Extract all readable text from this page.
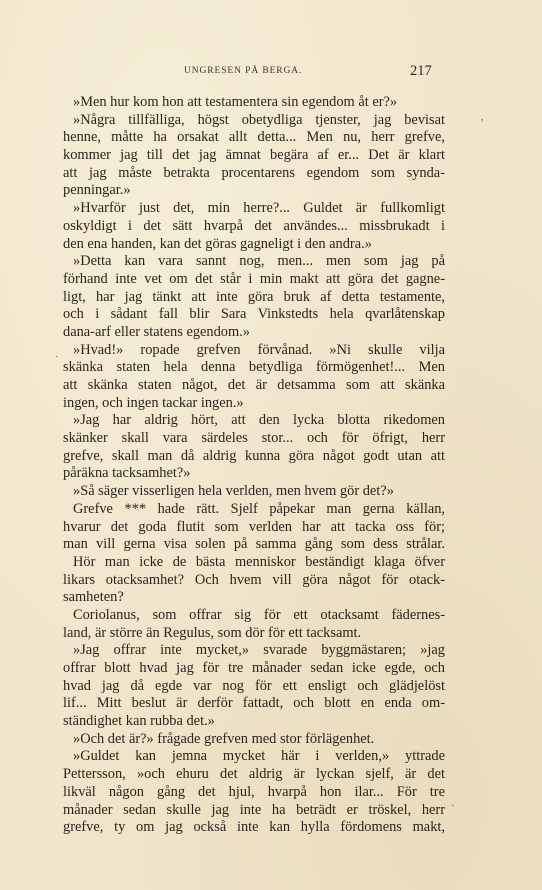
UNGRESEN PÅ BERGA.	217
,
·
·
»Men hur kom hon att testamentera sin egendom åt er?»
»Några tillfälliga, högst obetydliga tjenster, jag bevisat
henne, måtte ha orsakat allt detta... Men nu, herr grefve,
kommer jag till det jag ämnat begära af er... Det är klart
att jag måste betrakta procentarens egendom som synda-
penningar.»
»Hvarför just det, min herre?... Guldet är fullkomligt
oskyldigt i det sätt hvarpå det användes... missbrukadt i
den ena handen, kan det göras gagneligt i den andra.»
»Detta kan vara sannt nog, men... men som jag på
förhand inte vet om det står i min makt att göra det gagne-
ligt, har jag tänkt att inte göra bruk af detta testamente,
och i sådant fall blir Sara Vinkstedts hela qvarlåtenskap
dana-arf eller statens egendom.»
»Hvad!» ropade grefven förvånad. »Ni skulle vilja
skänka staten hela denna betydliga förmögenhet!... Men
att skänka staten något, det är detsamma som att skänka
ingen, och ingen tackar ingen.»
»Jag har aldrig hört, att den lycka blotta rikedomen
skänker skall vara särdeles stor... och för öfrigt, herr
grefve, skall man då aldrig kunna göra något godt utan att
påräkna tacksamhet?»
»Så säger visserligen hela verlden, men hvem gör det?»
Grefve *** hade rätt. Sjelf påpekar man gerna källan,
hvarur det goda flutit som verlden har att tacka oss för;
man vill gerna visa solen på samma gång som dess strålar.
Hör man icke de bästa menniskor beständigt klaga öfver
likars otacksamhet? Och hvem vill göra något för otack-
samheten?
Coriolanus, som offrar sig för ett otacksamt fädernes-
land, är större än Regulus, som dör för ett tacksamt.
»Jag offrar inte mycket,» svarade byggmästaren; »jag
offrar blott hvad jag för tre månader sedan icke egde, och
hvad jag då egde var nog för ett ensligt och glädjelöst
lif... Mitt beslut är derför fattadt, och blott en enda om-
ständighet kan rubba det.»
»Och det är?» frågade grefven med stor förlägenhet.
»Guldet kan jemna mycket här i verlden,» yttrade
Pettersson, »och ehuru det aldrig är lyckan sjelf, är det
likväl någon gång det hjul, hvarpå hon ilar... För tre
månader sedan skulle jag inte ha beträdt er tröskel, herr
grefve, ty om jag också inte kan hylla fördomens makt,
